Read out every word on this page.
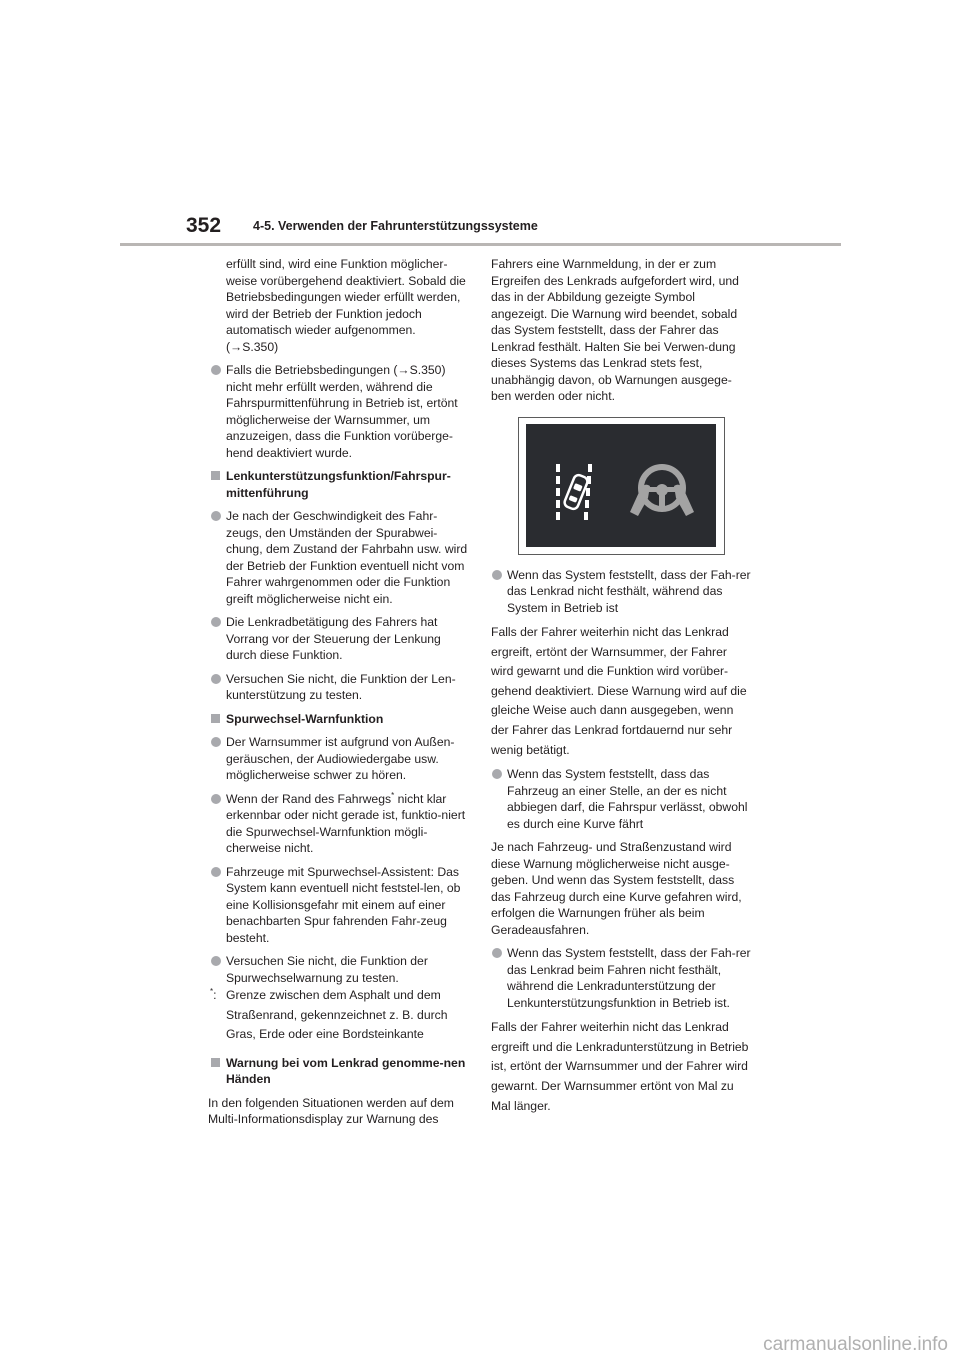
352	4-5. Verwenden der Fahrunterstützungssysteme

erfüllt sind, wird eine Funktion möglicher-weise vorübergehend deaktiviert. Sobald die Betriebsbedingungen wieder erfüllt werden, wird der Betrieb der Funktion jedoch automatisch wieder aufgenommen. (→S.350)

Falls die Betriebsbedingungen (→S.350) nicht mehr erfüllt werden, während die Fahrspurmittenführung in Betrieb ist, ertönt möglicherweise der Warnsummer, um anzuzeigen, dass die Funktion vorüberge-hend deaktiviert wurde.
Lenkunterstützungsfunktion/Fahrspur-mittenführung
Je nach der Geschwindigkeit des Fahr-zeugs, den Umständen der Spurabwei-chung, dem Zustand der Fahrbahn usw. wird der Betrieb der Funktion eventuell nicht vom Fahrer wahrgenommen oder die Funktion greift möglicherweise nicht ein.
Die Lenkradbetätigung des Fahrers hat Vorrang vor der Steuerung der Lenkung durch diese Funktion.
Versuchen Sie nicht, die Funktion der Len-kunterstützung zu testen.
Spurwechsel-Warnfunktion
Der Warnsummer ist aufgrund von Außen-geräuschen, der Audiowiedergabe usw. möglicherweise schwer zu hören.
Wenn der Rand des Fahrwegs* nicht klar erkennbar oder nicht gerade ist, funktio-niert die Spurwechsel-Warnfunktion mögli-cherweise nicht.
Fahrzeuge mit Spurwechsel-Assistent: Das System kann eventuell nicht feststel-len, ob eine Kollisionsgefahr mit einem auf einer benachbarten Spur fahrenden Fahr-zeug besteht.
Versuchen Sie nicht, die Funktion der Spurwechselwarnung zu testen.
*: Grenze zwischen dem Asphalt und dem Straßenrand, gekennzeichnet z. B. durch Gras, Erde oder eine Bordsteinkante
Warnung bei vom Lenkrad genomme-nen Händen

In den folgenden Situationen werden auf dem Multi-Informationsdisplay zur Warnung des

Fahrers eine Warnmeldung, in der er zum Ergreifen des Lenkrads aufgefordert wird, und das in der Abbildung gezeigte Symbol angezeigt. Die Warnung wird beendet, sobald das System feststellt, dass der Fahrer das Lenkrad festhält. Halten Sie bei Verwen-dung dieses Systems das Lenkrad stets fest, unabhängig davon, ob Warnungen ausgege-ben werden oder nicht.

Wenn das System feststellt, dass der Fah-rer das Lenkrad nicht festhält, während das System in Betrieb ist

Falls der Fahrer weiterhin nicht das Lenkrad ergreift, ertönt der Warnsummer, der Fahrer wird gewarnt und die Funktion wird vorüber-gehend deaktiviert. Diese Warnung wird auf die gleiche Weise auch dann ausgegeben, wenn der Fahrer das Lenkrad fortdauernd nur sehr wenig betätigt.

Wenn das System feststellt, dass das Fahrzeug an einer Stelle, an der es nicht abbiegen darf, die Fahrspur verlässt, obwohl es durch eine Kurve fährt

Je nach Fahrzeug- und Straßenzustand wird diese Warnung möglicherweise nicht ausge-geben. Und wenn das System feststellt, dass das Fahrzeug durch eine Kurve gefahren wird, erfolgen die Warnungen früher als beim Geradeausfahren.

Wenn das System feststellt, dass der Fah-rer das Lenkrad beim Fahren nicht festhält, während die Lenkradunterstützung der Lenkunterstützungsfunktion in Betrieb ist.

Falls der Fahrer weiterhin nicht das Lenkrad ergreift und die Lenkradunterstützung in Betrieb ist, ertönt der Warnsummer und der Fahrer wird gewarnt. Der Warnsummer ertönt von Mal zu Mal länger.

carmanualsonline.info
